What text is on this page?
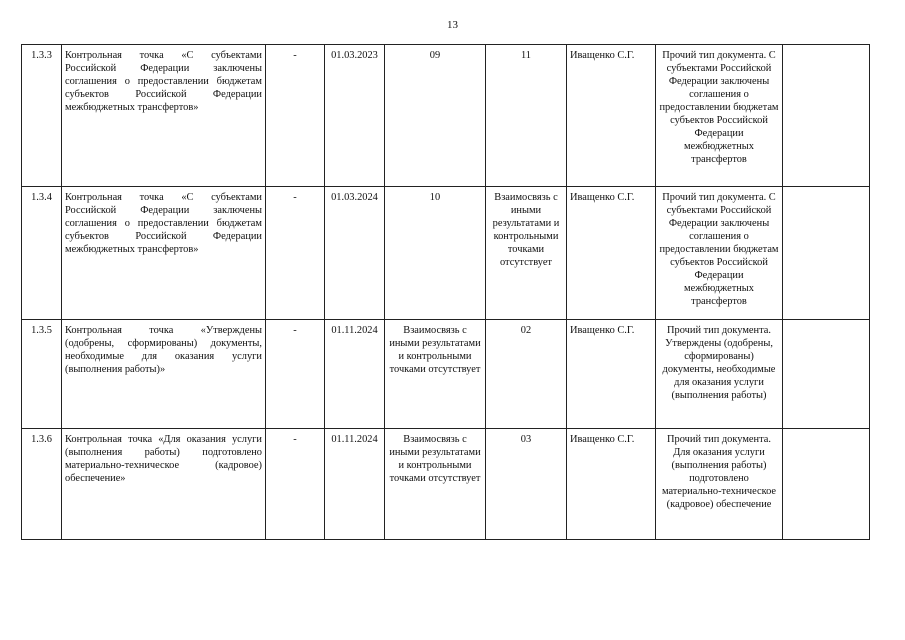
13
1.3.3	Контрольная точка «С субъектами Российской Федерации заключены соглашения о предоставлении бюджетам субъектов Российской Федерации межбюджетных трансфертов»	-	01.03.2023	09	11	Иващенко С.Г.	Прочий тип документа. С субъектами Российской Федерации заключены соглашения о предоставлении бюджетам субъектов Российской Федерации межбюджетных трансфертов	
1.3.4	Контрольная точка «С субъектами Российской Федерации заключены соглашения о предоставлении бюджетам субъектов Российской Федерации межбюджетных трансфертов»	-	01.03.2024	10	Взаимосвязь с иными результатами и контрольными точками отсутствует	Иващенко С.Г.	Прочий тип документа. С субъектами Российской Федерации заключены соглашения о предоставлении бюджетам субъектов Российской Федерации межбюджетных трансфертов	
1.3.5	Контрольная точка «Утверждены (одобрены, сформированы) документы, необходимые для оказания услуги (выполнения работы)»	-	01.11.2024	Взаимосвязь с иными результатами и контрольными точками отсутствует	02	Иващенко С.Г.	Прочий тип документа. Утверждены (одобрены, сформированы) документы, необходимые для оказания услуги (выполнения работы)	
1.3.6	Контрольная точка «Для оказания услуги (выполнения работы) подготовлено материально-техническое (кадровое) обеспечение»	-	01.11.2024	Взаимосвязь с иными результатами и контрольными точками отсутствует	03	Иващенко С.Г.	Прочий тип документа. Для оказания услуги (выполнения работы) подготовлено материально-техническое (кадровое) обеспечение	
